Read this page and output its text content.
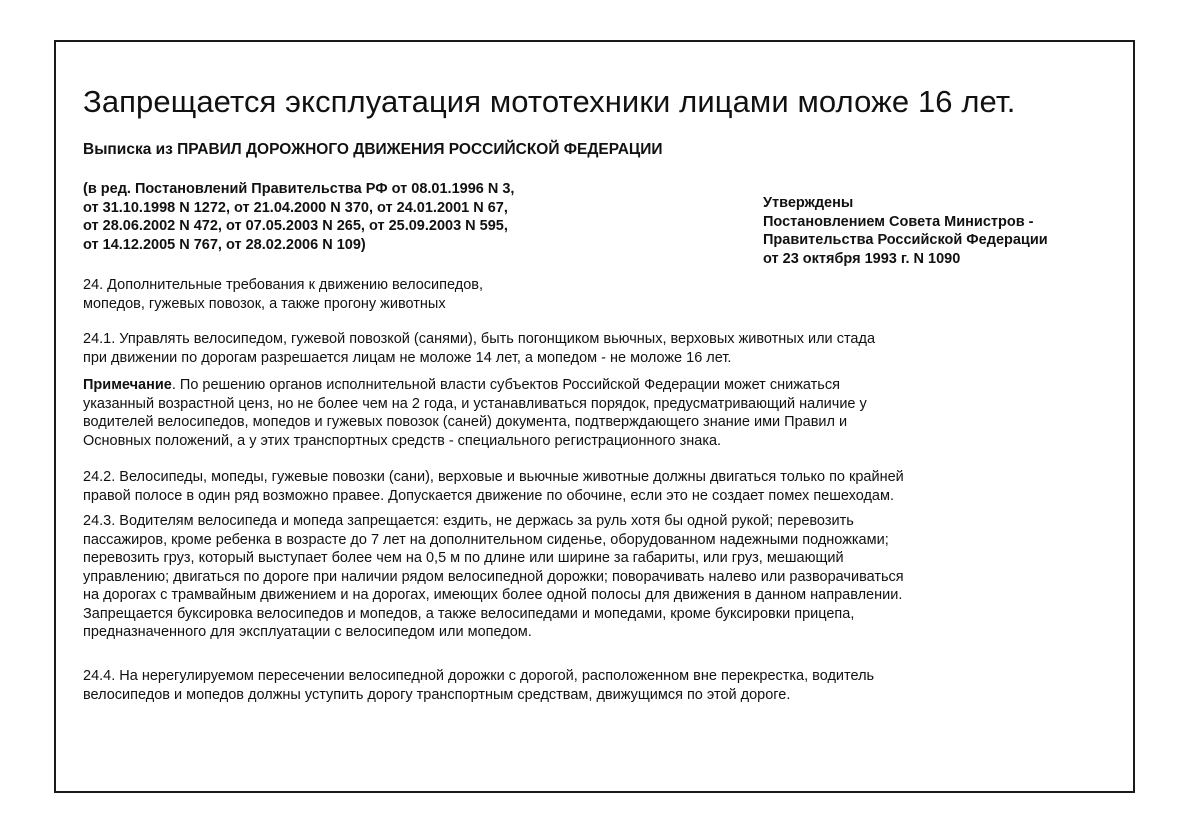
Запрещается эксплуатация мототехники лицами моложе 16 лет.
Выписка из ПРАВИЛ ДОРОЖНОГО ДВИЖЕНИЯ РОССИЙСКОЙ ФЕДЕРАЦИИ
(в ред. Постановлений Правительства РФ от 08.01.1996 N 3,
от 31.10.1998 N 1272, от 21.04.2000 N 370, от 24.01.2001 N 67,
от 28.06.2002 N 472, от 07.05.2003 N 265, от 25.09.2003 N 595,
от 14.12.2005 N 767, от 28.02.2006 N 109)
Утверждены
Постановлением Совета Министров -
Правительства Российской Федерации
от 23 октября 1993 г. N 1090
24. Дополнительные требования к движению велосипедов,
мопедов, гужевых повозок, а также прогону животных
24.1. Управлять велосипедом, гужевой повозкой (санями), быть погонщиком вьючных, верховых животных или стада
при движении по дорогам разрешается лицам не моложе 14 лет, а мопедом - не моложе 16 лет.
Примечание. По решению органов исполнительной власти субъектов Российской Федерации может снижаться
указанный возрастной ценз, но не более чем на 2 года, и устанавливаться порядок, предусматривающий наличие у
водителей велосипедов, мопедов и гужевых повозок (саней) документа, подтверждающего знание ими Правил и
Основных положений, а у этих транспортных средств - специального регистрационного знака.
24.2. Велосипеды, мопеды, гужевые повозки (сани), верховые и вьючные животные должны двигаться только по крайней
правой полосе в один ряд возможно правее. Допускается движение по обочине, если это не создает помех пешеходам.
24.3. Водителям велосипеда и мопеда запрещается: ездить, не держась за руль хотя бы одной рукой; перевозить
пассажиров, кроме ребенка в возрасте до 7 лет на дополнительном сиденье, оборудованном надежными подножками;
перевозить груз, который выступает более чем на 0,5 м по длине или ширине за габариты, или груз, мешающий
управлению; двигаться по дороге при наличии рядом велосипедной дорожки; поворачивать налево или разворачиваться
на дорогах с трамвайным движением и на дорогах, имеющих более одной полосы для движения в данном направлении.
Запрещается буксировка велосипедов и мопедов, а также велосипедами и мопедами, кроме буксировки прицепа,
предназначенного для эксплуатации с велосипедом или мопедом.
24.4. На нерегулируемом пересечении велосипедной дорожки с дорогой, расположенном вне перекрестка, водитель
велосипедов и мопедов должны уступить дорогу транспортным средствам, движущимся по этой дороге.
